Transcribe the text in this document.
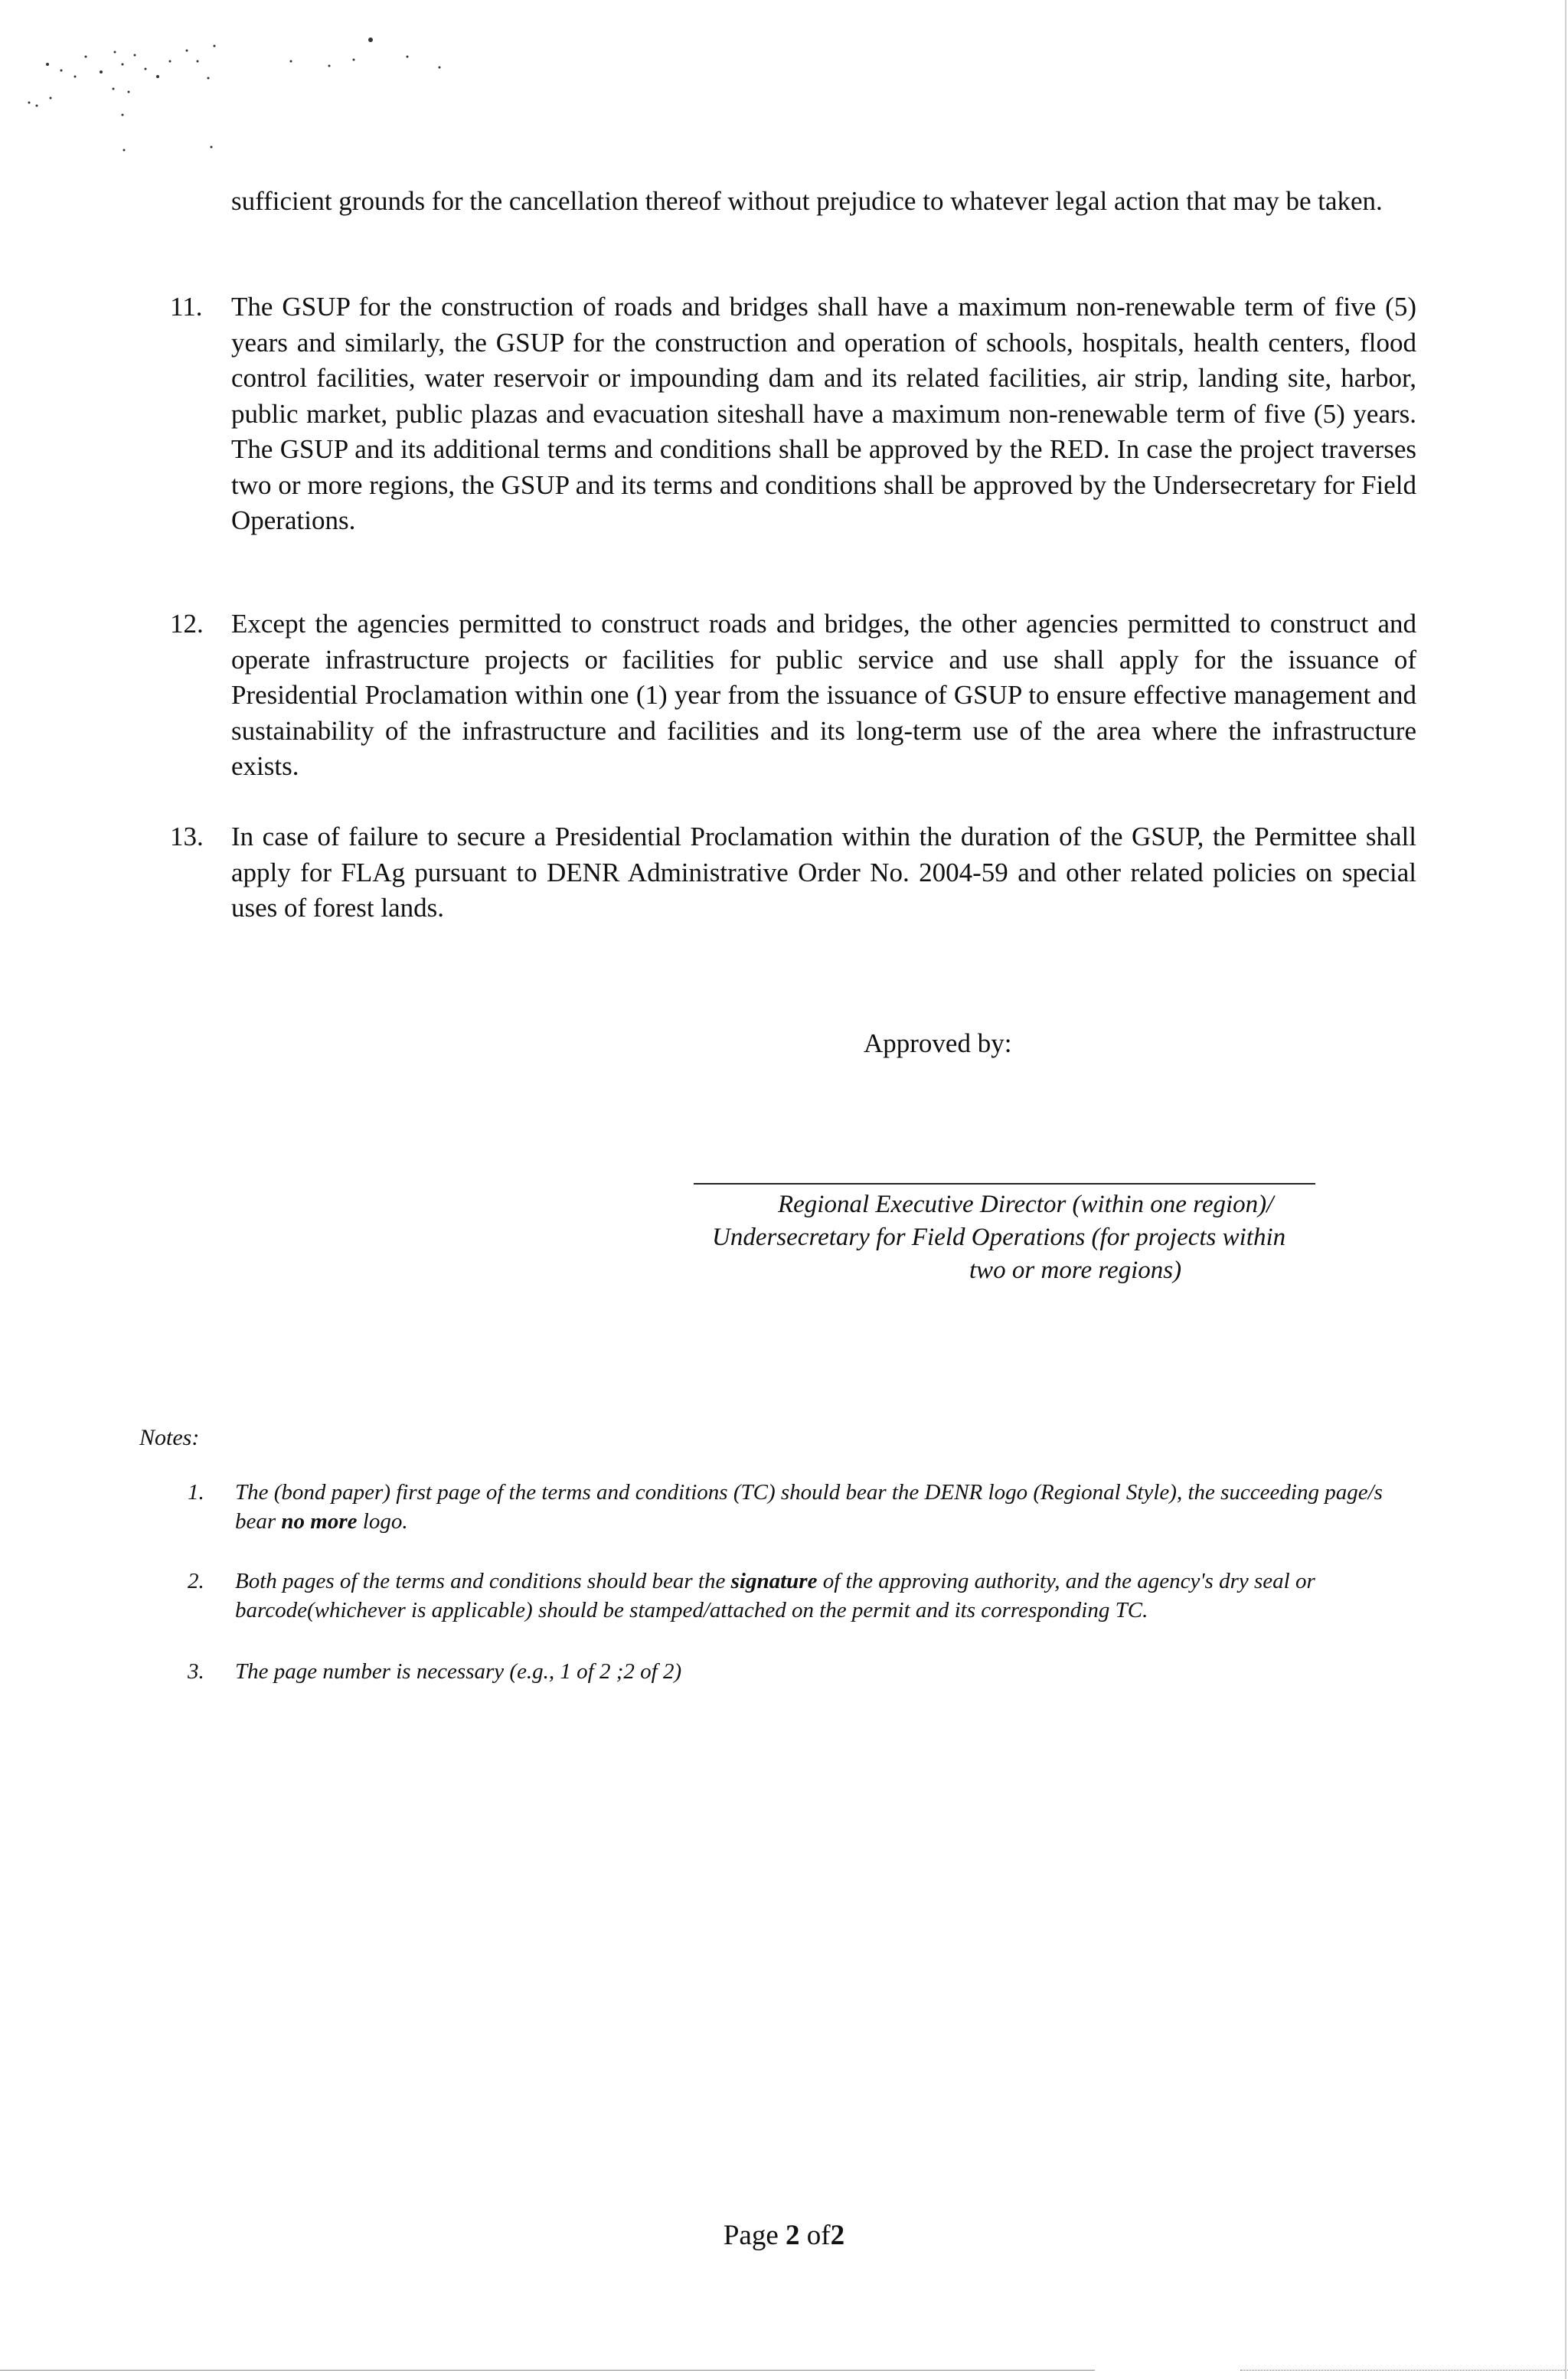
sufficient grounds for the cancellation thereof without prejudice to whatever legal action that may be taken.
11. The GSUP for the construction of roads and bridges shall have a maximum non-renewable term of five (5) years and similarly, the GSUP for the construction and operation of schools, hospitals, health centers, flood control facilities, water reservoir or impounding dam and its related facilities, air strip, landing site, harbor, public market, public plazas and evacuation siteshall have a maximum non-renewable term of five (5) years. The GSUP and its additional terms and conditions shall be approved by the RED. In case the project traverses two or more regions, the GSUP and its terms and conditions shall be approved by the Undersecretary for Field Operations.
12. Except the agencies permitted to construct roads and bridges, the other agencies permitted to construct and operate infrastructure projects or facilities for public service and use shall apply for the issuance of Presidential Proclamation within one (1) year from the issuance of GSUP to ensure effective management and sustainability of the infrastructure and facilities and its long-term use of the area where the infrastructure exists.
13. In case of failure to secure a Presidential Proclamation within the duration of the GSUP, the Permittee shall apply for FLAg pursuant to DENR Administrative Order No. 2004-59 and other related policies on special uses of forest lands.
Approved by:
Regional Executive Director (within one region)/
Undersecretary for Field Operations (for projects within
two or more regions)
Notes:
1. The (bond paper) first page of the terms and conditions (TC) should bear the DENR logo (Regional Style), the succeeding page/s bear no more logo.
2. Both pages of the terms and conditions should bear the signature of the approving authority, and the agency's dry seal or barcode(whichever is applicable) should be stamped/attached on the permit and its corresponding TC.
3. The page number is necessary (e.g., 1 of 2 ;2 of 2)
Page 2 of2
